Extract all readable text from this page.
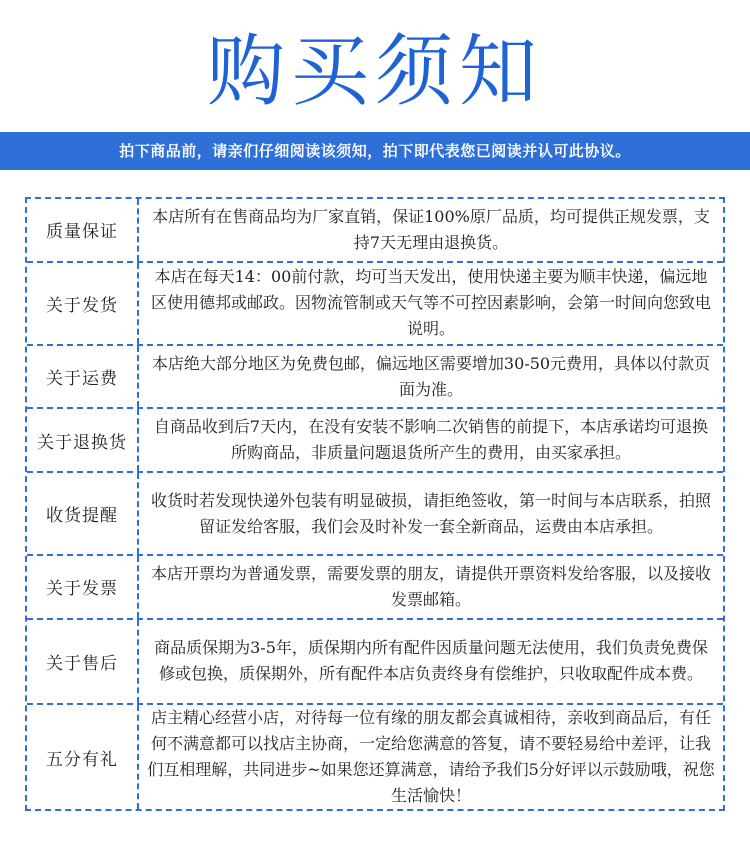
购买须知
拍下商品前，请亲们仔细阅读该须知，拍下即代表您已阅读并认可此协议。
质量保证
本店所有在售商品均为厂家直销，保证100%原厂品质，均可提供正规发票，支持7天无理由退换货。
关于发货
本店在每天14：00前付款，均可当天发出，使用快递主要为顺丰快递，偏远地区使用德邦或邮政。因物流管制或天气等不可控因素影响，会第一时间向您致电说明。
关于运费
本店绝大部分地区为免费包邮，偏远地区需要增加30-50元费用，具体以付款页面为准。
关于退换货
自商品收到后7天内，在没有安装不影响二次销售的前提下，本店承诺均可退换所购商品，非质量问题退货所产生的费用，由买家承担。
收货提醒
收货时若发现快递外包装有明显破损，请拒绝签收，第一时间与本店联系，拍照留证发给客服，我们会及时补发一套全新商品，运费由本店承担。
关于发票
本店开票均为普通发票，需要发票的朋友，请提供开票资料发给客服，以及接收发票邮箱。
关于售后
商品质保期为3-5年，质保期内所有配件因质量问题无法使用，我们负责免费保修或包换，质保期外，所有配件本店负责终身有偿维护，只收取配件成本费。
五分有礼
店主精心经营小店，对待每一位有缘的朋友都会真诚相待，亲收到商品后，有任何不满意都可以找店主协商，一定给您满意的答复，请不要轻易给中差评，让我们互相理解，共同进步~如果您还算满意，请给予我们5分好评以示鼓励哦，祝您生活愉快！
